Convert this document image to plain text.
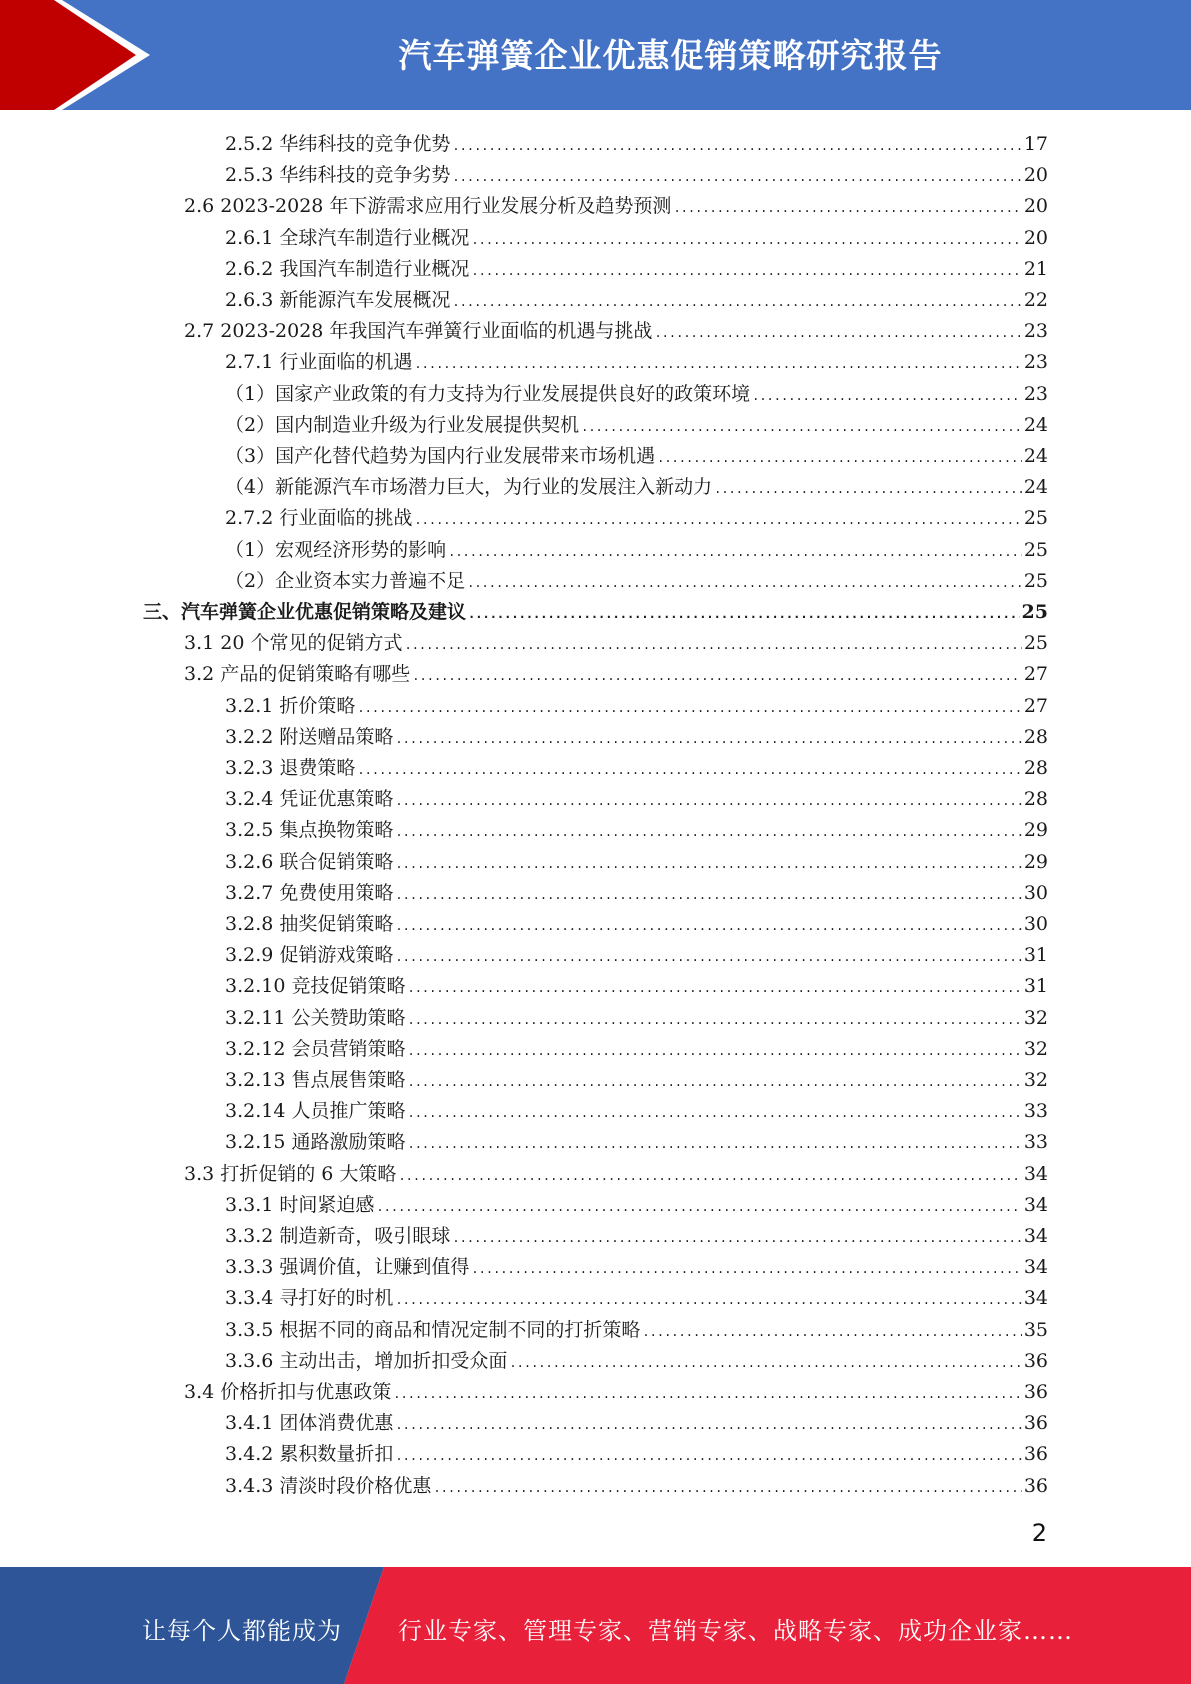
汽车弹簧企业优惠促销策略研究报告
2.5.2 华纬科技的竞争优势 .....	17
2.5.3 华纬科技的竞争劣势 .....	20
2.6 2023-2028 年下游需求应用行业发展分析及趋势预测 .....	20
2.6.1 全球汽车制造行业概况 .....	20
2.6.2 我国汽车制造行业概况 .....	21
2.6.3 新能源汽车发展概况 .....	22
2.7 2023-2028 年我国汽车弹簧行业面临的机遇与挑战 .....	23
2.7.1 行业面临的机遇 .....	23
（1）国家产业政策的有力支持为行业发展提供良好的政策环境 .....	23
（2）国内制造业升级为行业发展提供契机 .....	24
（3）国产化替代趋势为国内行业发展带来市场机遇 .....	24
（4）新能源汽车市场潜力巨大，为行业的发展注入新动力 .....	24
2.7.2 行业面临的挑战 .....	25
（1）宏观经济形势的影响 .....	25
（2）企业资本实力普遍不足 .....	25
三、汽车弹簧企业优惠促销策略及建议 .....	25
3.1 20 个常见的促销方式 .....	25
3.2 产品的促销策略有哪些 .....	27
3.2.1 折价策略 .....	27
3.2.2 附送赠品策略 .....	28
3.2.3 退费策略 .....	28
3.2.4 凭证优惠策略 .....	28
3.2.5 集点换物策略 .....	29
3.2.6 联合促销策略 .....	29
3.2.7 免费使用策略 .....	30
3.2.8 抽奖促销策略 .....	30
3.2.9 促销游戏策略 .....	31
3.2.10 竞技促销策略 .....	31
3.2.11 公关赞助策略 .....	32
3.2.12 会员营销策略 .....	32
3.2.13 售点展售策略 .....	32
3.2.14 人员推广策略 .....	33
3.2.15 通路激励策略 .....	33
3.3 打折促销的 6 大策略 .....	34
3.3.1 时间紧迫感 .....	34
3.3.2 制造新奇，吸引眼球 .....	34
3.3.3 强调价值，让赚到值得 .....	34
3.3.4 寻打好的时机 .....	34
3.3.5 根据不同的商品和情况定制不同的打折策略 .....	35
3.3.6 主动出击，增加折扣受众面 .....	36
3.4 价格折扣与优惠政策 .....	36
3.4.1 团体消费优惠 .....	36
3.4.2 累积数量折扣 .....	36
3.4.3 清淡时段价格优惠 .....	36
2
让每个人都能成为 行业专家、管理专家、营销专家、战略专家、成功企业家……
